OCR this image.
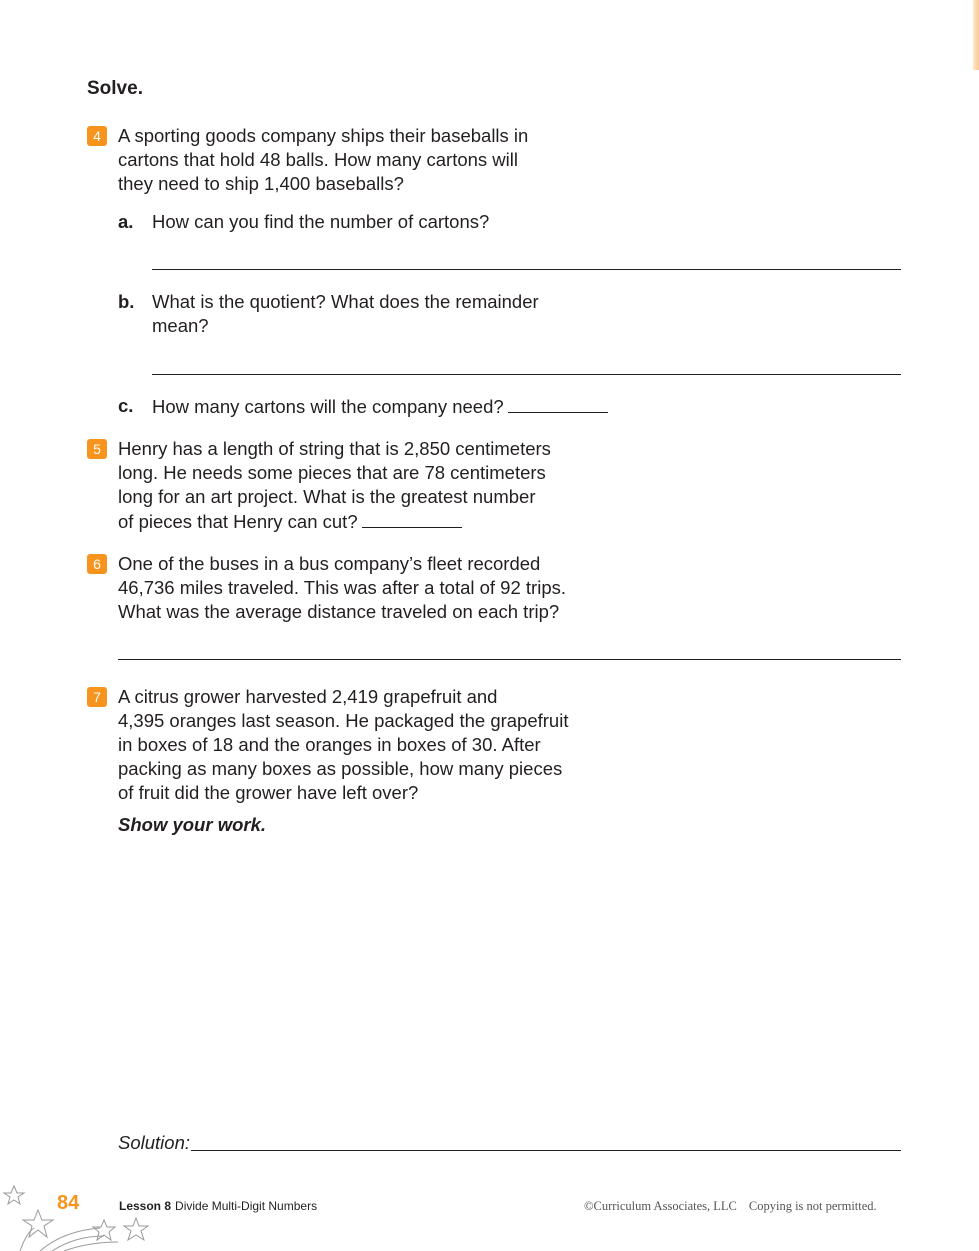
Solve.
4 A sporting goods company ships their baseballs in
cartons that hold 48 balls. How many cartons will
they need to ship 1,400 baseballs?
a. How can you find the number of cartons?
b. What is the quotient? What does the remainder
mean?
c. How many cartons will the company need?
5 Henry has a length of string that is 2,850 centimeters
long. He needs some pieces that are 78 centimeters
long for an art project. What is the greatest number
of pieces that Henry can cut?
6 One of the buses in a bus company’s fleet recorded
46,736 miles traveled. This was after a total of 92 trips.
What was the average distance traveled on each trip?
7 A citrus grower harvested 2,419 grapefruit and
4,395 oranges last season. He packaged the grapefruit
in boxes of 18 and the oranges in boxes of 30. After
packing as many boxes as possible, how many pieces
of fruit did the grower have left over?
Show your work.
Solution:
84	Lesson 8 Divide Multi-Digit Numbers	©Curriculum Associates, LLC Copying is not permitted.
